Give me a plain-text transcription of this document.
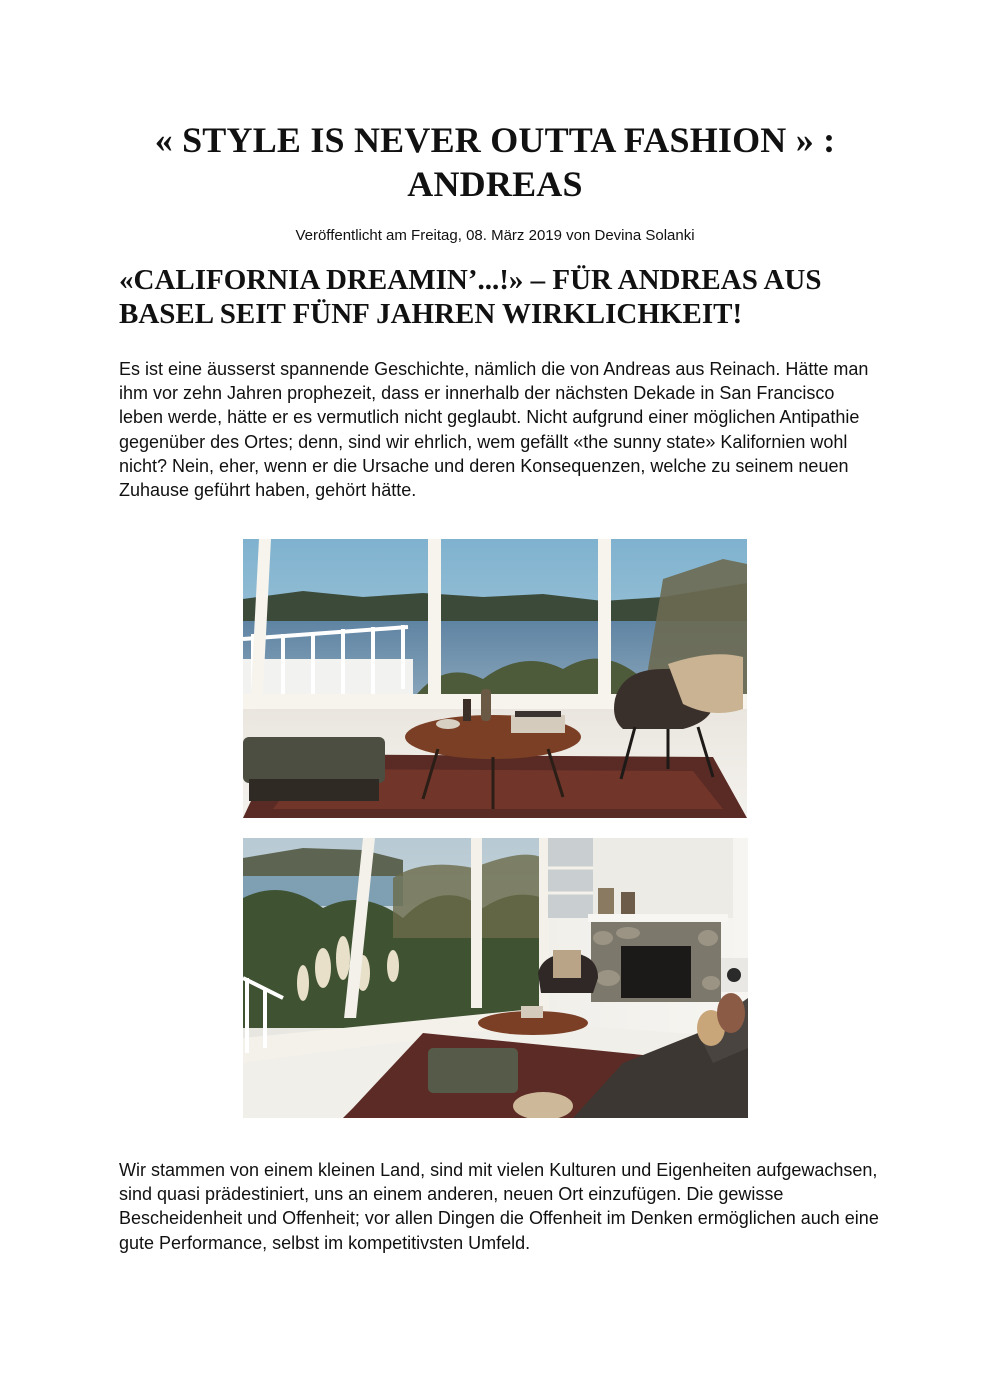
« STYLE IS NEVER OUTTA FASHION » :
ANDREAS

Veröffentlicht am Freitag, 08. März 2019 von Devina Solanki

«CALIFORNIA DREAMIN’...!» – FÜR ANDREAS AUS
BASEL SEIT FÜNF JAHREN WIRKLICHKEIT!

Es ist eine äusserst spannende Geschichte, nämlich die von Andreas aus Reinach. Hätte man ihm vor zehn Jahren prophezeit, dass er innerhalb der nächsten Dekade in San Francisco leben werde, hätte er es vermutlich nicht geglaubt. Nicht aufgrund einer möglichen Antipathie gegenüber des Ortes; denn, sind wir ehrlich, wem gefällt «the sunny state» Kalifornien wohl nicht? Nein, eher, wenn er die Ursache und deren Konsequenzen, welche zu seinem neuen Zuhause geführt haben, gehört hätte.

Wir stammen von einem kleinen Land, sind mit vielen Kulturen und Eigenheiten aufgewachsen, sind quasi prädestiniert, uns an einem anderen, neuen Ort einzufügen. Die gewisse Bescheidenheit und Offenheit; vor allen Dingen die Offenheit im Denken ermöglichen auch eine gute Performance, selbst im kompetitivsten Umfeld.
